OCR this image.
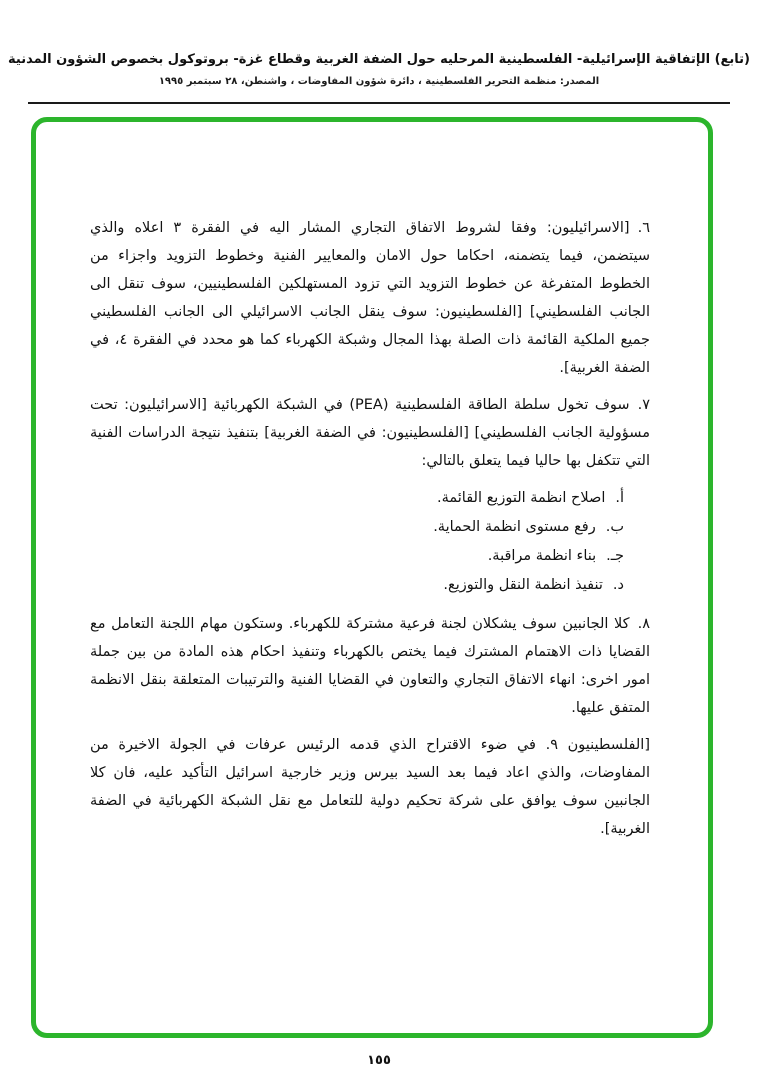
(تابع) الإتفاقية الإسرائيلية- الفلسطينية المرحليه حول الضفة الغربية وقطاع غزة- بروتوكول بخصوص الشؤون المدنية
المصدر: منظمة التحرير الفلسطينية ، دائرة شؤون المفاوضات ، واشنطن، ٢٨ سبتمبر ١٩٩٥

٦.[الاسرائيليون: وفقا لشروط الاتفاق التجاري المشار اليه في الفقرة ٣ اعلاه والذي سيتضمن، فيما يتضمنه، احكاما حول الامان والمعايير الفنية وخطوط التزويد واجزاء من الخطوط المتفرغة عن خطوط التزويد التي تزود المستهلكين الفلسطينيين، سوف تنقل الى الجانب الفلسطيني] [الفلسطينيون: سوف ينقل الجانب الاسرائيلي الى الجانب الفلسطيني جميع الملكية القائمة ذات الصلة بهذا المجال وشبكة الكهرباء كما هو محدد في الفقرة ٤، في الضفة الغربية].

٧.سوف تخول سلطة الطاقة الفلسطينية (PEA) في الشبكة الكهربائية [الاسرائيليون: تحت مسؤولية الجانب الفلسطيني] [الفلسطينيون: في الضفة الغربية] بتنفيذ نتيجة الدراسات الفنية التي تتكفل بها حاليا فيما يتعلق بالتالي:

أ.اصلاح انظمة التوزيع القائمة.
ب.رفع مستوى انظمة الحماية.
جـ.بناء انظمة مراقبة.
د.تنفيذ انظمة النقل والتوزيع.

٨.كلا الجانبين سوف يشكلان لجنة فرعية مشتركة للكهرباء. وستكون مهام اللجنة التعامل مع القضايا ذات الاهتمام المشترك فيما يختص بالكهرباء وتنفيذ احكام هذه المادة من بين جملة امور اخرى: انهاء الاتفاق التجاري والتعاون في القضايا الفنية والترتيبات المتعلقة بنقل الانظمة المتفق عليها.

[الفلسطينيون ٩. في ضوء الاقتراح الذي قدمه الرئيس عرفات في الجولة الاخيرة من المفاوضات، والذي اعاد فيما بعد السيد بيرس وزير خارجية اسرائيل التأكيد عليه، فان كلا الجانبين سوف يوافق على شركة تحكيم دولية للتعامل مع نقل الشبكة الكهربائية في الضفة الغربية].

١٥٥
